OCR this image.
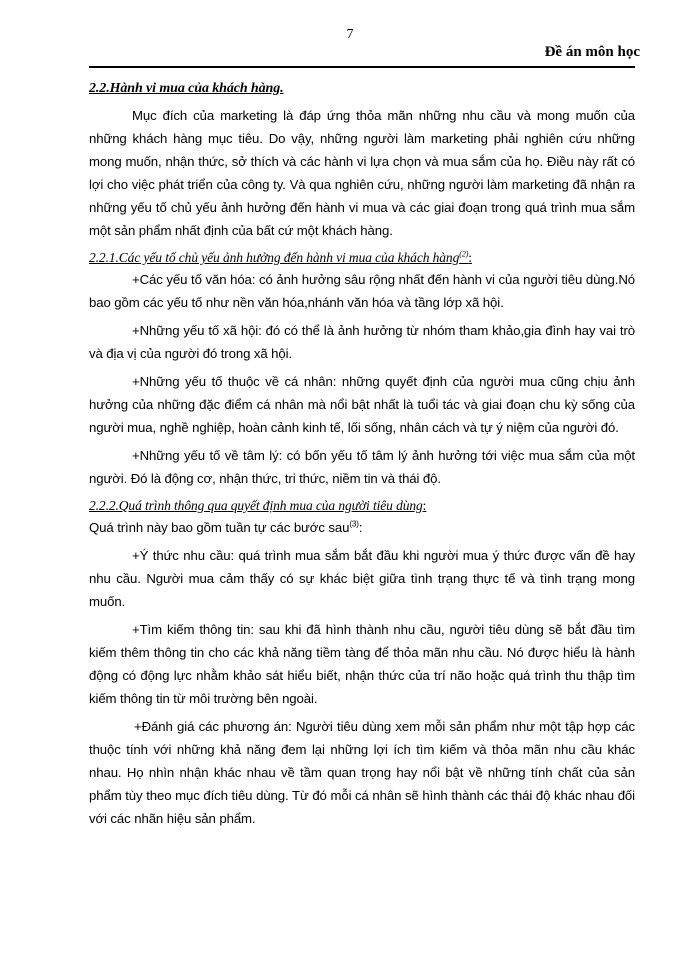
7
Đề án môn học
2.2.Hành vi mua của khách hàng.

Mục đích của marketing là đáp ứng thỏa mãn những nhu cầu và mong muốn của những khách hàng mục tiêu. Do vậy, những người làm marketing phải nghiên cứu những mong muốn, nhận thức, sở thích và các hành vi lựa chọn và mua sắm của họ. Điều này rất có lợi cho việc phát triển của công ty. Và qua nghiên cứu, những người làm marketing đã nhận ra những yếu tố chủ yếu ảnh hưởng đến hành vi mua và các giai đoạn trong quá trình mua sắm một sản phẩm nhất định của bất cứ một khách hàng.

2.2.1.Các yếu tố chủ yếu ảnh hưởng đến hành vi mua của khách hàng$^{(2)}$:

+Các yếu tố văn hóa: có ảnh hưởng sâu rộng nhất đến hành vi của người tiêu dùng.Nó bao gồm các yếu tố như nền văn hóa,nhánh văn hóa và tầng lớp xã hội.

+Những yếu tố xã hội: đó có thể là ảnh hưởng từ nhóm tham khảo,gia đình hay vai trò và địa vị của người đó trong xã hội.

+Những yếu tố thuộc về cá nhân: những quyết định của người mua cũng chịu ảnh hưởng của những đặc điểm cá nhân mà nổi bật nhất là tuổi tác và giai đoạn chu kỳ sống của người mua, nghề nghiệp, hoàn cảnh kinh tế, lối sống, nhân cách và tự ý niệm của người đó.

+Những yếu tố về tâm lý: có bốn yếu tố tâm lý ảnh hưởng tới việc mua sắm của một người. Đó là động cơ, nhận thức, tri thức, niềm tin và thái độ.

2.2.2.Quá trình thông qua quyết định mua của người tiêu dùng:

Quá trình này bao gồm tuần tự các bước sau$^{(3)}$:

+Ý thức nhu cầu: quá trình mua sắm bắt đầu khi người mua ý thức được vấn đề hay nhu cầu. Người mua cảm thấy có sự khác biệt giữa tình trạng thực tế và tình trạng mong muốn.

+Tìm kiếm thông tin: sau khi đã hình thành nhu cầu, người tiêu dùng sẽ bắt đầu tìm kiếm thêm thông tin cho các khả năng tiềm tàng để thỏa mãn nhu cầu. Nó được hiểu là hành động có động lực nhằm khảo sát hiểu biết, nhận thức của trí não hoặc quá trình thu thập tìm kiếm thông tin từ môi trường bên ngoài.

+Đánh giá các phương án: Người tiêu dùng xem mỗi sản phẩm như một tập hợp các thuộc tính với những khả năng đem lại những lợi ích tìm kiếm và thỏa mãn nhu cầu khác nhau. Họ nhìn nhận khác nhau về tầm quan trọng hay nổi bật về những tính chất của sản phẩm tùy theo mục đích tiêu dùng. Từ đó mỗi cá nhân sẽ hình thành các thái độ khác nhau đối với các nhãn hiệu sản phẩm.
